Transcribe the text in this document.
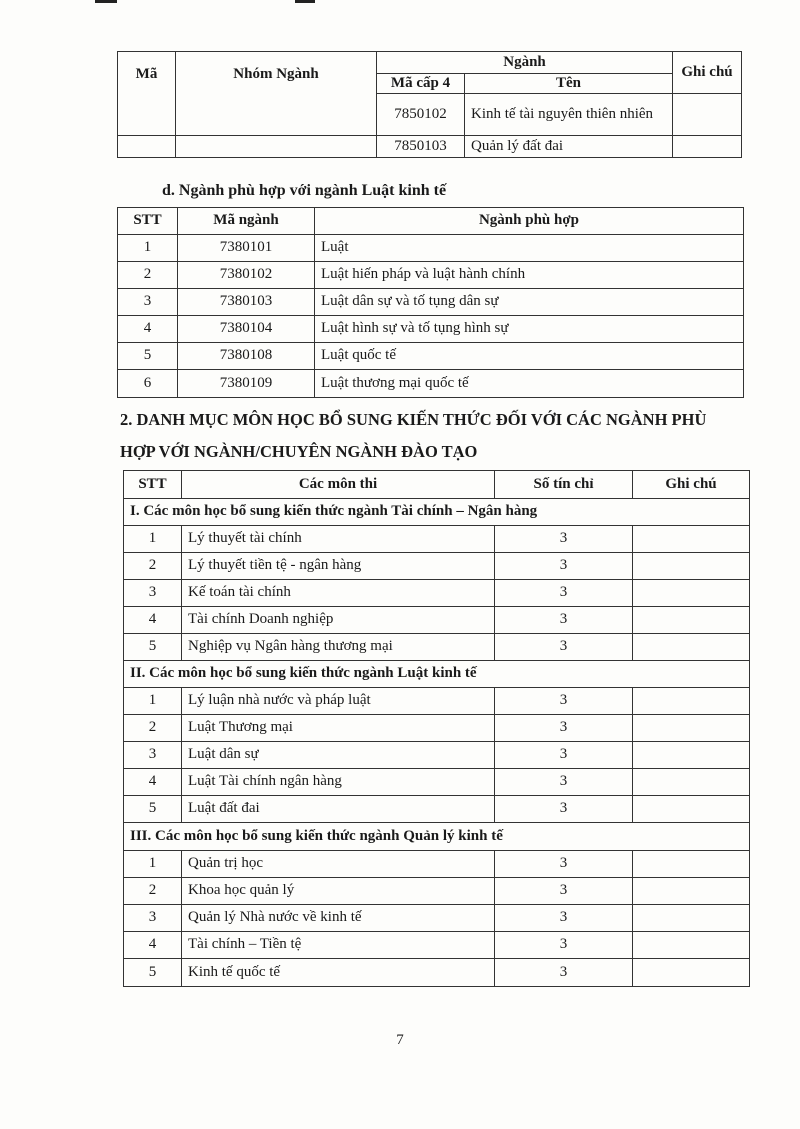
Mã	Nhóm Ngành	Ngành		Ghi chú
		Mã cấp 4	Tên	
		7850102	Kinh tế tài nguyên thiên nhiên	
		7850103	Quản lý đất đai	
d. Ngành phù hợp với ngành Luật kinh tế
STT	Mã ngành	Ngành phù hợp
1	7380101	Luật
2	7380102	Luật hiến pháp và luật hành chính
3	7380103	Luật dân sự và tố tụng dân sự
4	7380104	Luật hình sự và tố tụng hình sự
5	7380108	Luật quốc tế
6	7380109	Luật thương mại quốc tế
2. DANH MỤC MÔN HỌC BỔ SUNG KIẾN THỨC ĐỐI VỚI CÁC NGÀNH PHÙ
HỢP VỚI NGÀNH/CHUYÊN NGÀNH ĐÀO TẠO
STT	Các môn thi	Số tín chỉ	Ghi chú
I. Các môn học bổ sung kiến thức ngành Tài chính – Ngân hàng			
1	Lý thuyết tài chính	3	
2	Lý thuyết tiền tệ - ngân hàng	3	
3	Kế toán tài chính	3	
4	Tài chính Doanh nghiệp	3	
5	Nghiệp vụ Ngân hàng thương mại	3	
II. Các môn học bổ sung kiến thức ngành Luật kinh tế			
1	Lý luận nhà nước và pháp luật	3	
2	Luật Thương mại	3	
3	Luật dân sự	3	
4	Luật Tài chính ngân hàng	3	
5	Luật đất đai	3	
III. Các môn học bổ sung kiến thức ngành Quản lý kinh tế			
1	Quản trị học	3	
2	Khoa học quản lý	3	
3	Quản lý Nhà nước về kinh tế	3	
4	Tài chính – Tiền tệ	3	
5	Kinh tế quốc tế	3	
7
